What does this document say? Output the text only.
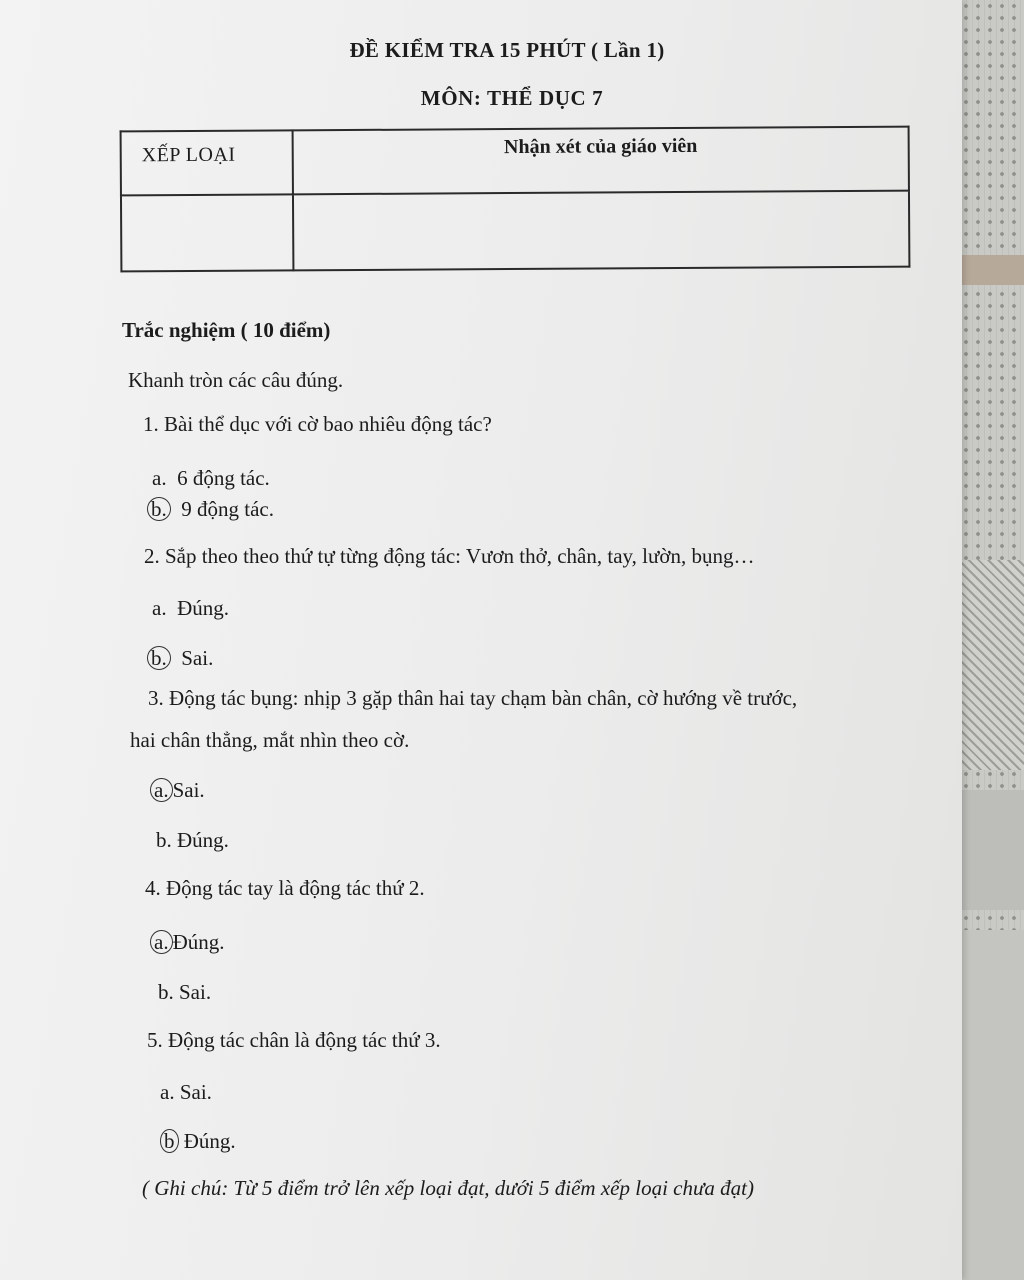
ĐỀ KIỂM TRA 15 PHÚT ( Lần 1)
MÔN: THỂ DỤC 7
XẾP LOẠI	Nhận xét của giáo viên

Trắc nghiệm ( 10 điểm)
Khanh tròn các câu đúng.
1. Bài thể dục với cờ bao nhiêu động tác?
a. 6 động tác.
b. 9 động tác.
2. Sắp theo theo thứ tự từng động tác: Vươn thở, chân, tay, lườn, bụng…
a. Đúng.
b. Sai.
3. Động tác bụng: nhịp 3 gặp thân hai tay chạm bàn chân, cờ hướng về trước,
hai chân thẳng, mắt nhìn theo cờ.
a. Sai.
b. Đúng.
4. Động tác tay là động tác thứ 2.
a. Đúng.
b. Sai.
5. Động tác chân là động tác thứ 3.
a. Sai.
b Đúng.
( Ghi chú: Từ 5 điểm trở lên xếp loại đạt, dưới 5 điểm xếp loại chưa đạt)
